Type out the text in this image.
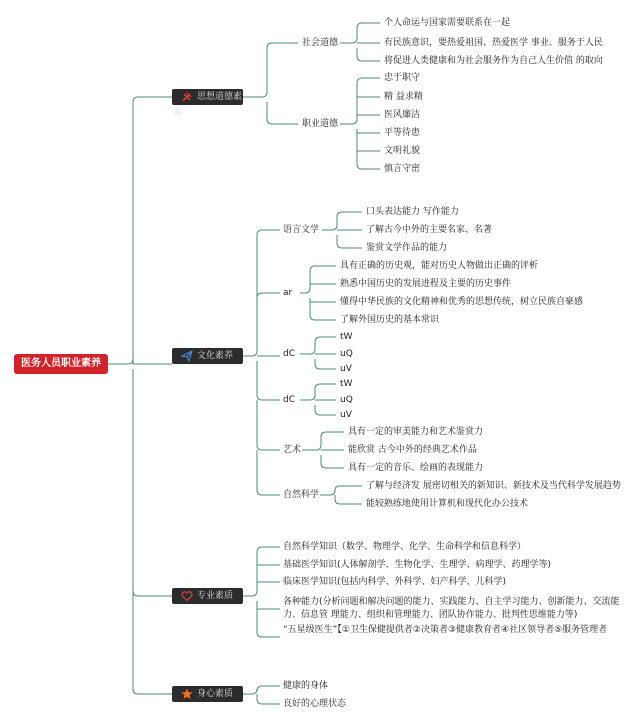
医务人员职业素养
思想道德素养
文化素养
专业素质
身心素质
社会道德
个人命运与国家需要联系在一起
有民族意识，要热爱祖国、热爱医学 事业、服务于人民
将促进人类健康和为社会服务作为自己人生价值 的取向
职业道德
忠于职守
精 益求精
医风廉洁
平等待患
文明礼貌
慎言守密
语言文学
口头表达能力 写作能力
了解古今中外的主要名家、名著
鉴赏文学作品的能力
ar
具有正确的历史观，能对历史人物做出正确的评析
熟悉中国历史的发展进程及主要的历史事件
懂得中华民族的文化精神和优秀的思想传统，树立民族自豪感
了解外国历史的基本常识
dC
tW
uQ
uV
dC
tW
uQ
uV
艺术
具有一定的审美能力和艺术鉴赏力
能欣赏 古今中外的经典艺术作品
具有一定的音乐、绘画的表现能力
自然科学
了解与经济发 展密切相关的新知识、新技术及当代科学发展趋势
能较熟练地使用计算机和现代化办公技术
自然科学知识（数学、物理学、化学、生命科学和信息科学）
基础医学知识(人体解剖学、生物化学、生理学、病理学、药理学等)
临床医学知识(包括内科学、外科学、妇产科学、儿科学)
各种能力(分析问题和解决问题的能力、实践能力、自主学习能力、创新能力、交流能力、信息管 理能力、组织和管理能力、团队协作能力、批判性思维能力等)
“五星级医生”【①卫生保健提供者②决策者③健康教育者④社区领导者⑤服务管理者
健康的身体
良好的心理状态
